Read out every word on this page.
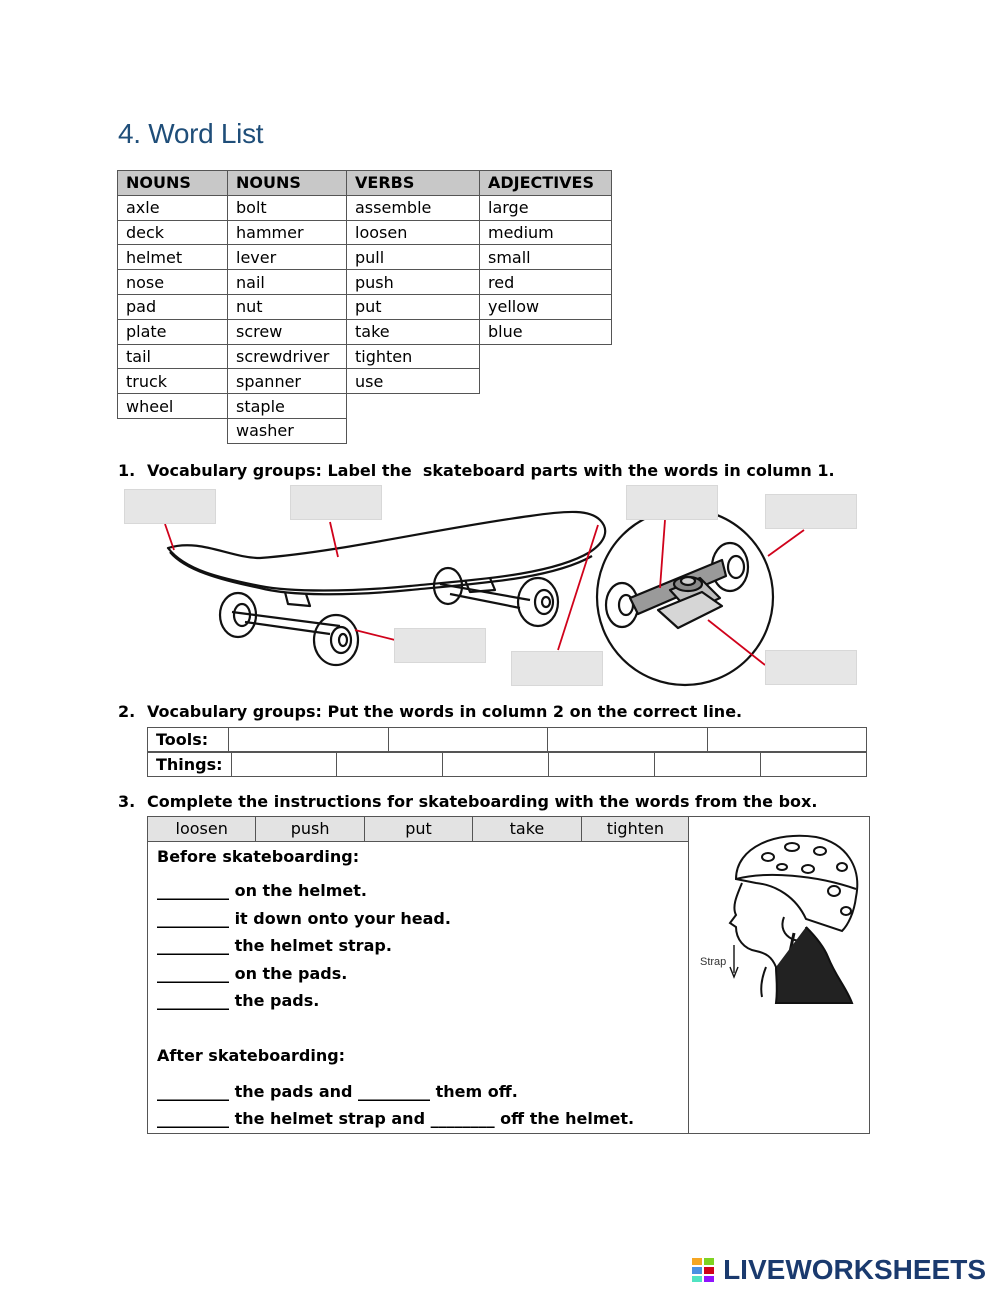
4. Word List
NOUNS	NOUNS	VERBS	ADJECTIVES
axle	bolt	assemble	large
deck	hammer	loosen	medium
helmet	lever	pull	small
nose	nail	push	red
pad	nut	put	yellow
plate	screw	take	blue
tail	screwdriver	tighten	
truck	spanner	use	
wheel	staple		
	washer		
1. Vocabulary groups: Label the  skateboard parts with the words in column 1.
2. Vocabulary groups: Put the words in column 2 on the correct line.
Tools:				
Things:						
3. Complete the instructions for skateboarding with the words from the box.
loosen	push	put	take	tighten
Before skateboarding:
_________ on the helmet.
_________ it down onto your head.
_________ the helmet strap.
_________ on the pads.
_________ the pads.
After skateboarding:
_________ the pads and _________ them off.
_________ the helmet strap and ________ off the helmet.
Strap
LIVEWORKSHEETS
